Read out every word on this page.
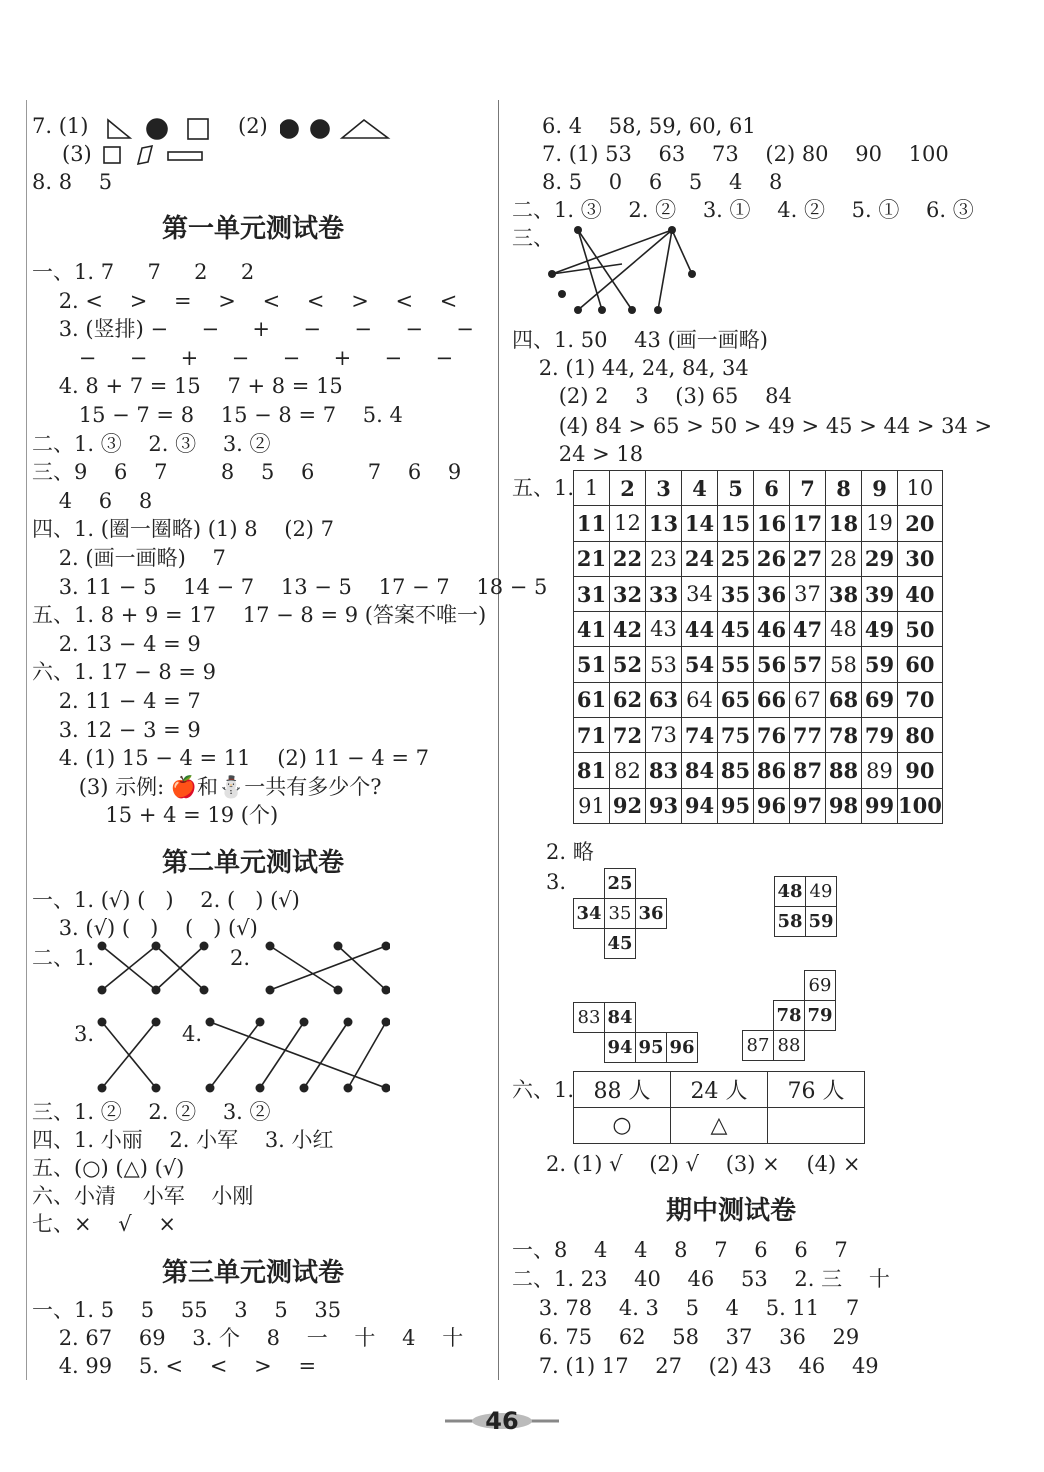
7. (1)	(2)
(3)
8. 8    5
第一单元测试卷
一、1. 7     7     2     2
2. <    >    =    >    <    <    >    <    <
3. (竖排) −     −     +     −     −     −     −
−     −     +     −     −     +     −     −
4. 8 + 7 = 15    7 + 8 = 15
15 − 7 = 8    15 − 8 = 7    5. 4
二、1. ③    2. ③    3. ②
三、9    6    7        8    5    6        7    6    9
4    6    8
四、1. (圈一圈略) (1) 8    (2) 7
2. (画一画略)    7
3. 11 − 5    14 − 7    13 − 5    17 − 7    18 − 5
五、1. 8 + 9 = 17    17 − 8 = 9 (答案不唯一)
2. 13 − 4 = 9
六、1. 17 − 8 = 9
2. 11 − 4 = 7
3. 12 − 3 = 9
4. (1) 15 − 4 = 11    (2) 11 − 4 = 7
(3) 示例: 🍎和⛄一共有多少个?
15 + 4 = 19 (个)
第二单元测试卷
一、1. (√) (   )    2. (   ) (√)
3. (√) (   )    (   ) (√)
二、1.	2.
3.	4.
三、1. ②    2. ②    3. ②
四、1. 小丽    2. 小军    3. 小红
五、(○) (△) (√)
六、小清    小军    小刚
七、×    √    ×
第三单元测试卷
一、1. 5    5    55    3    5    35
2. 67    69    3. 个    8    一    十    4    十
4. 99    5. <    <    >    =
6. 4    58, 59, 60, 61
7. (1) 53    63    73    (2) 80    90    100
8. 5    0    6    5    4    8
二、1. ③    2. ②    3. ①    4. ②    5. ①    6. ③
三、
四、1. 50    43 (画一画略)
2. (1) 44, 24, 84, 34
(2) 2    3    (3) 65    84
(4) 84 > 65 > 50 > 49 > 45 > 44 > 34 >
24 > 18
五、1. 1	2	3	4	5	6	7	8	9	10
11	12	13	14	15	16	17	18	19	20
21	22	23	24	25	26	27	28	29	30
31	32	33	34	35	36	37	38	39	40
41	42	43	44	45	46	47	48	49	50
51	52	53	54	55	56	57	58	59	60
61	62	63	64	65	66	67	68	69	70
71	72	73	74	75	76	77	78	79	80
81	82	83	84	85	86	87	88	89	90
91	92	93	94	95	96	97	98	99	100
2. 略
3.
	25	
34	35	36
	45	
48	49
58	59
83	84		
	94	95	96
		69
	78	79
87	88	
六、1. 88 人	24 人	76 人
○	△	
2. (1) √    (2) √    (3) ×    (4) ×
期中测试卷
一、8    4    4    8    7    6    6    7
二、1. 23    40    46    53    2. 三    十
3. 78    4. 3    5    4    5. 11    7
6. 75    62    58    37    36    29
7. (1) 17    27    (2) 43    46    49
46
